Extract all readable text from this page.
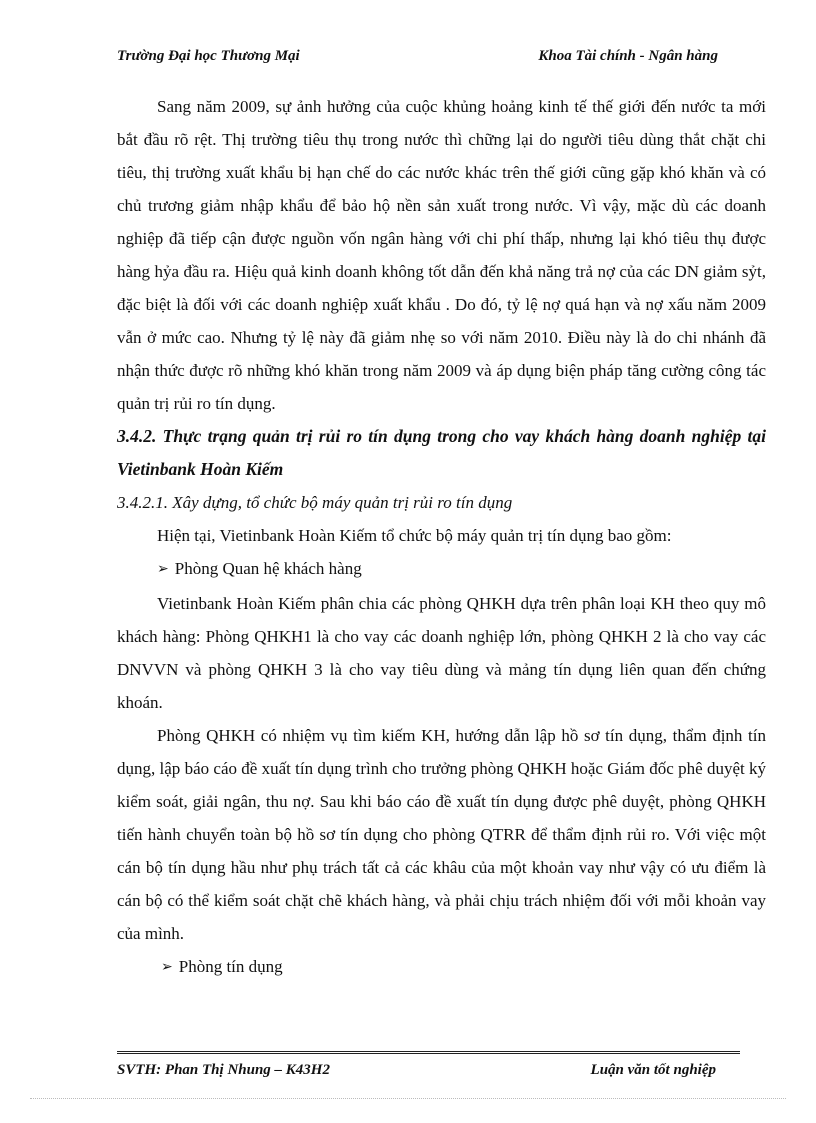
Trường Đại học Thương Mại	Khoa Tài chính - Ngân hàng

Sang năm 2009, sự ảnh hưởng của cuộc khủng hoảng kinh tế thế giới đến nước ta mới bắt đầu rõ rệt. Thị trường tiêu thụ trong nước thì chững lại do người tiêu dùng thắt chặt chi tiêu, thị trường xuất khẩu bị hạn chế do các nước khác trên thế giới cũng gặp khó khăn và có chủ trương giảm nhập khẩu để bảo hộ nền sản xuất trong nước. Vì vậy, mặc dù các doanh nghiệp đã tiếp cận được nguồn vốn ngân hàng với chi phí thấp, nhưng lại khó tiêu thụ được hàng hỷa đầu ra. Hiệu quả kinh doanh không tốt dẫn đến khả năng trả nợ của các DN giảm sỷt, đặc biệt là đối với các doanh nghiệp xuất khẩu . Do đó, tỷ lệ nợ quá hạn và nợ xấu năm 2009 vẫn ở mức cao. Nhưng tỷ lệ này đã giảm nhẹ so với năm 2010. Điều này là do chi nhánh đã nhận thức được rõ những khó khăn trong năm 2009 và áp dụng biện pháp tăng cường công tác quản trị rủi ro tín dụng.

3.4.2. Thực trạng quản trị rủi ro tín dụng trong cho vay khách hàng doanh nghiệp tại Vietinbank Hoàn Kiếm

3.4.2.1. Xây dựng, tổ chức bộ máy quản trị rủi ro tín dụng

Hiện tại, Vietinbank Hoàn Kiếm tổ chức bộ máy quản trị tín dụng bao gồm:

➢ Phòng Quan hệ khách hàng

Vietinbank Hoàn Kiếm phân chia các phòng QHKH dựa trên phân loại KH theo quy mô khách hàng: Phòng QHKH1 là cho vay các doanh nghiệp lớn, phòng QHKH 2 là cho vay các DNVVN và phòng QHKH 3 là cho vay tiêu dùng và mảng tín dụng liên quan đến chứng khoán.

Phòng QHKH có nhiệm vụ tìm kiếm KH, hướng dẫn lập hồ sơ tín dụng, thẩm định tín dụng, lập báo cáo đề xuất tín dụng trình cho trưởng phòng QHKH hoặc Giám đốc phê duyệt ký kiểm soát, giải ngân, thu nợ. Sau khi báo cáo đề xuất tín dụng được phê duyệt, phòng QHKH tiến hành chuyển toàn bộ hồ sơ tín dụng cho phòng QTRR để thẩm định rủi ro. Với việc một cán bộ tín dụng hầu như phụ trách tất cả các khâu của một khoản vay như vậy có ưu điểm là cán bộ có thể kiểm soát chặt chẽ khách hàng, và phải chịu trách nhiệm đối với mỗi khoản vay của mình.

➢ Phòng tín dụng

SVTH: Phan Thị Nhung – K43H2	Luận văn tốt nghiệp
